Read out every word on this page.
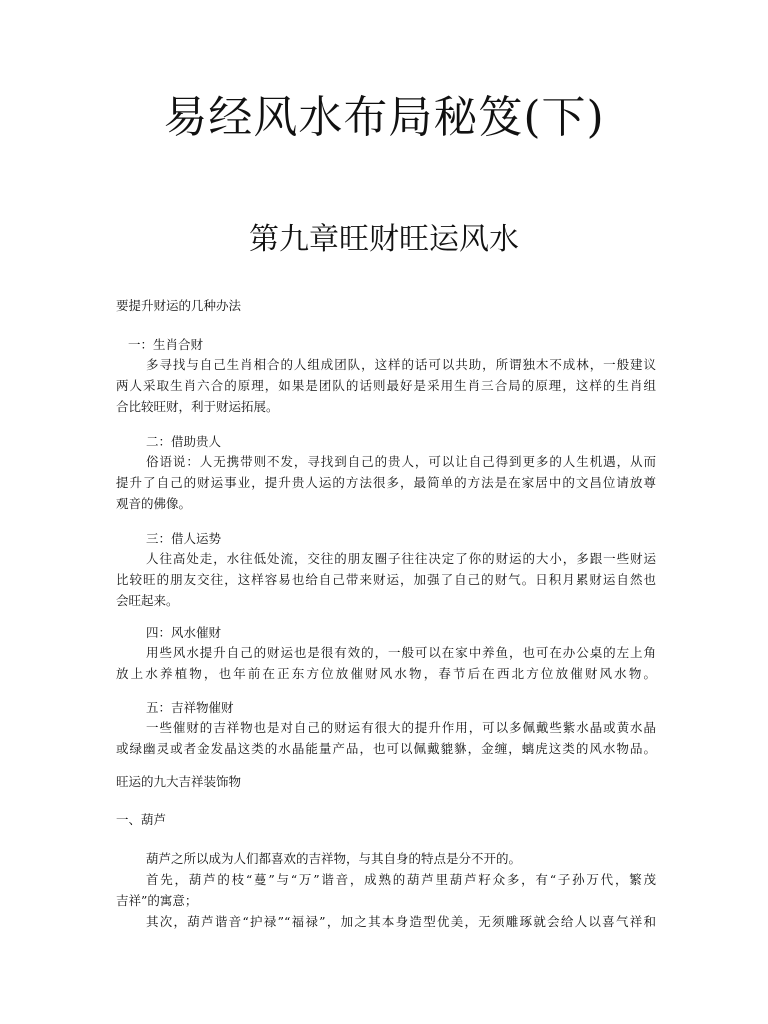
易经风水布局秘笈(下)
第九章旺财旺运风水
要提升财运的几种办法
一：生肖合财
多寻找与自己生肖相合的人组成团队，这样的话可以共助，所谓独木不成林，一般建议
两人采取生肖六合的原理，如果是团队的话则最好是采用生肖三合局的原理，这样的生肖组
合比较旺财，利于财运拓展。
二：借助贵人
俗语说：人无携带则不发，寻找到自己的贵人，可以让自己得到更多的人生机遇，从而
提升了自己的财运事业，提升贵人运的方法很多，最简单的方法是在家居中的文昌位请放尊
观音的佛像。
三：借人运势
人往高处走，水往低处流，交往的朋友圈子往往决定了你的财运的大小，多跟一些财运
比较旺的朋友交往，这样容易也给自己带来财运，加强了自己的财气。日积月累财运自然也
会旺起来。
四：风水催财
用些风水提升自己的财运也是很有效的，一般可以在家中养鱼，也可在办公桌的左上角
放上水养植物，也年前在正东方位放催财风水物，春节后在西北方位放催财风水物。
五：吉祥物催财
一些催财的吉祥物也是对自己的财运有很大的提升作用，可以多佩戴些紫水晶或黄水晶
或绿幽灵或者金发晶这类的水晶能量产品，也可以佩戴貔貅，金缠，螭虎这类的风水物品。
旺运的九大吉祥装饰物
一、葫芦
葫芦之所以成为人们都喜欢的吉祥物，与其自身的特点是分不开的。
首先，葫芦的枝“蔓”与“万”谐音，成熟的葫芦里葫芦籽众多，有“子孙万代，繁茂
吉祥”的寓意；
其次，葫芦谐音“护禄”“福禄”，加之其本身造型优美，无须雕琢就会给人以喜气祥和
